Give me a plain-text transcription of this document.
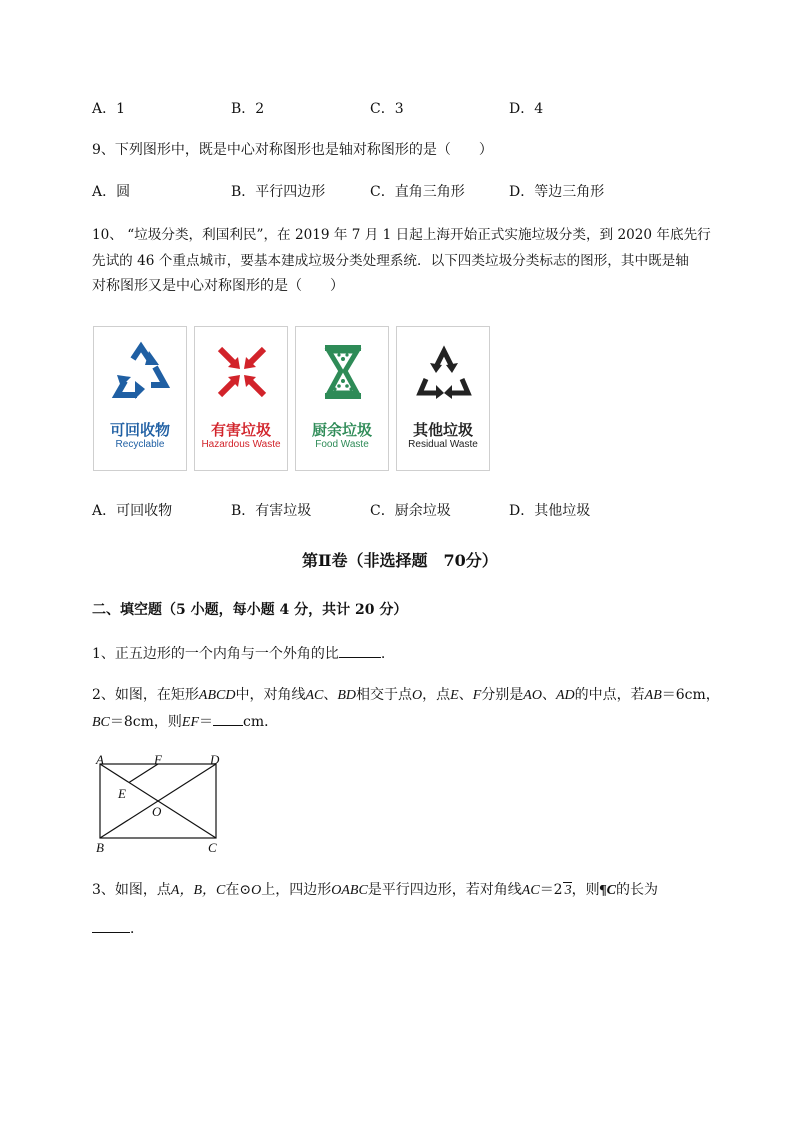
A．1	B．2	C．3	D．4
9、下列图形中，既是中心对称图形也是轴对称图形的是（　　）
A．圆	B．平行四边形	C．直角三角形	D．等边三角形
10、 “垃圾分类，利国利民”，在 2019 年 7 月 1 日起上海开始正式实施垃圾分类，到 2020 年底先行
先试的 46 个重点城市，要基本建成垃圾分类处理系统．以下四类垃圾分类标志的图形，其中既是轴
对称图形又是中心对称图形的是（　　）
可回收物
Recyclable
有害垃圾
Hazardous Waste
厨余垃圾
Food Waste
其他垃圾
Residual Waste
A．可回收物	B．有害垃圾	C．厨余垃圾	D．其他垃圾
第Ⅱ卷（非选择题　70分）
二、填空题（5 小题，每小题 4 分，共计 20 分）
1、正五边形的一个内角与一个外角的比	.
2、如图，在矩形ABCD中，对角线AC、BD相交于点O，点E、F分别是AO、AD的中点，若AB＝6cm，
BC＝8cm，则EF＝ cm．
A	F	D
E
O
B	C
3、如图，点A，B，C在⊙O上，四边形OABC是平行四边形，若对角线AC＝2 3，则¶C的长为
．
